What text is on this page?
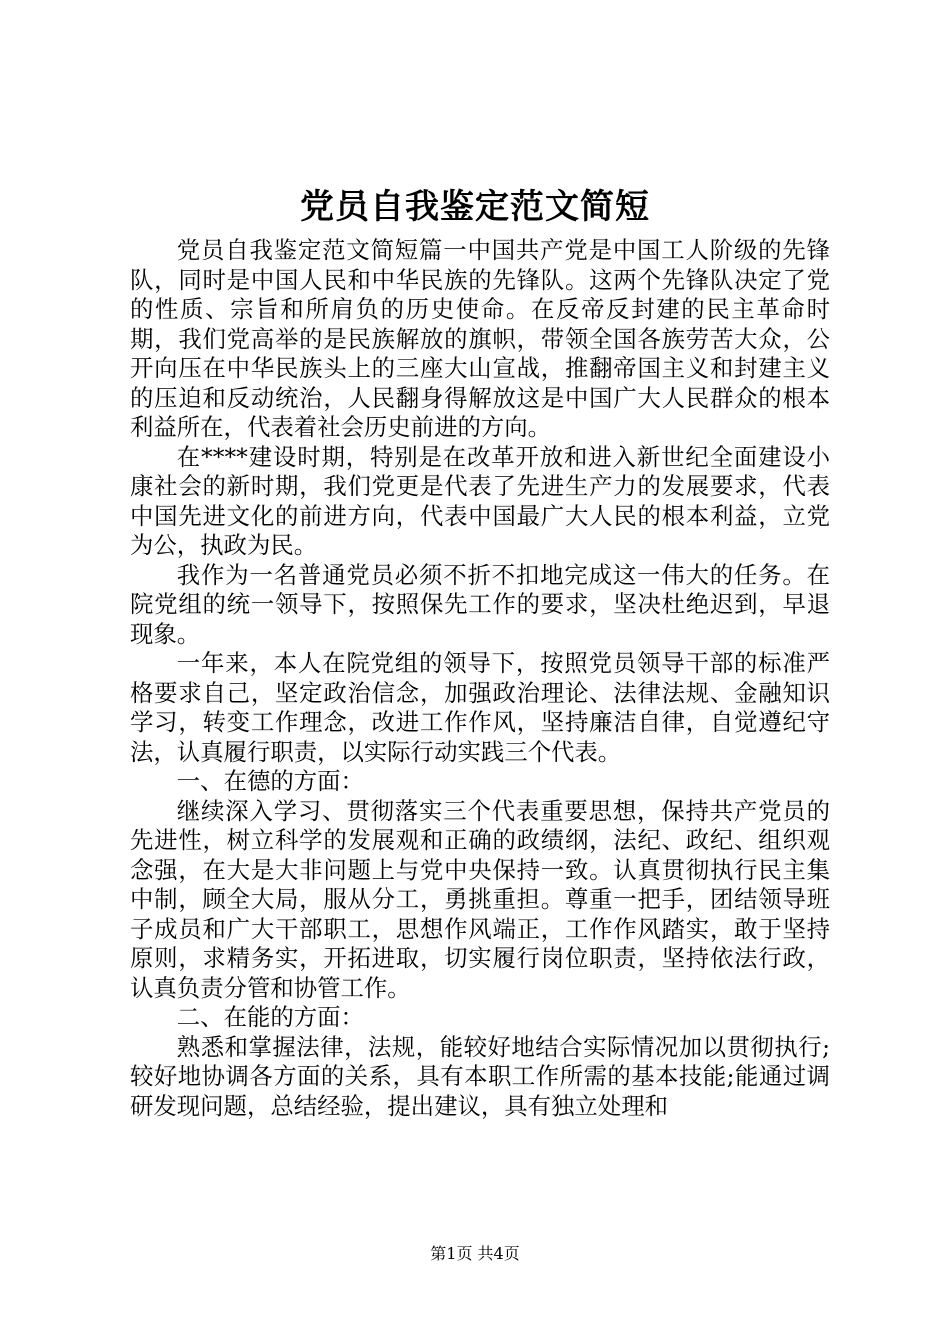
党员自我鉴定范文简短

党员自我鉴定范文简短篇一中国共产党是中国工人阶级的先锋队，同时是中国人民和中华民族的先锋队。这两个先锋队决定了党的性质、宗旨和所肩负的历史使命。在反帝反封建的民主革命时期，我们党高举的是民族解放的旗帜，带领全国各族劳苦大众，公开向压在中华民族头上的三座大山宣战，推翻帝国主义和封建主义的压迫和反动统治，人民翻身得解放这是中国广大人民群众的根本利益所在，代表着社会历史前进的方向。

在****建设时期，特别是在改革开放和进入新世纪全面建设小康社会的新时期，我们党更是代表了先进生产力的发展要求，代表中国先进文化的前进方向，代表中国最广大人民的根本利益，立党为公，执政为民。

我作为一名普通党员必须不折不扣地完成这一伟大的任务。在院党组的统一领导下，按照保先工作的要求，坚决杜绝迟到，早退现象。

一年来，本人在院党组的领导下，按照党员领导干部的标准严格要求自己，坚定政治信念，加强政治理论、法律法规、金融知识学习，转变工作理念，改进工作作风，坚持廉洁自律，自觉遵纪守法，认真履行职责，以实际行动实践三个代表。

一、在德的方面：

继续深入学习、贯彻落实三个代表重要思想，保持共产党员的先进性，树立科学的发展观和正确的政绩纲，法纪、政纪、组织观念强，在大是大非问题上与党中央保持一致。认真贯彻执行民主集中制，顾全大局，服从分工，勇挑重担。尊重一把手，团结领导班子成员和广大干部职工，思想作风端正，工作作风踏实，敢于坚持原则，求精务实，开拓进取，切实履行岗位职责，坚持依法行政，认真负责分管和协管工作。

二、在能的方面：

熟悉和掌握法律，法规，能较好地结合实际情况加以贯彻执行;较好地协调各方面的关系，具有本职工作所需的基本技能;能通过调研发现问题，总结经验，提出建议，具有独立处理和

第1页 共4页
